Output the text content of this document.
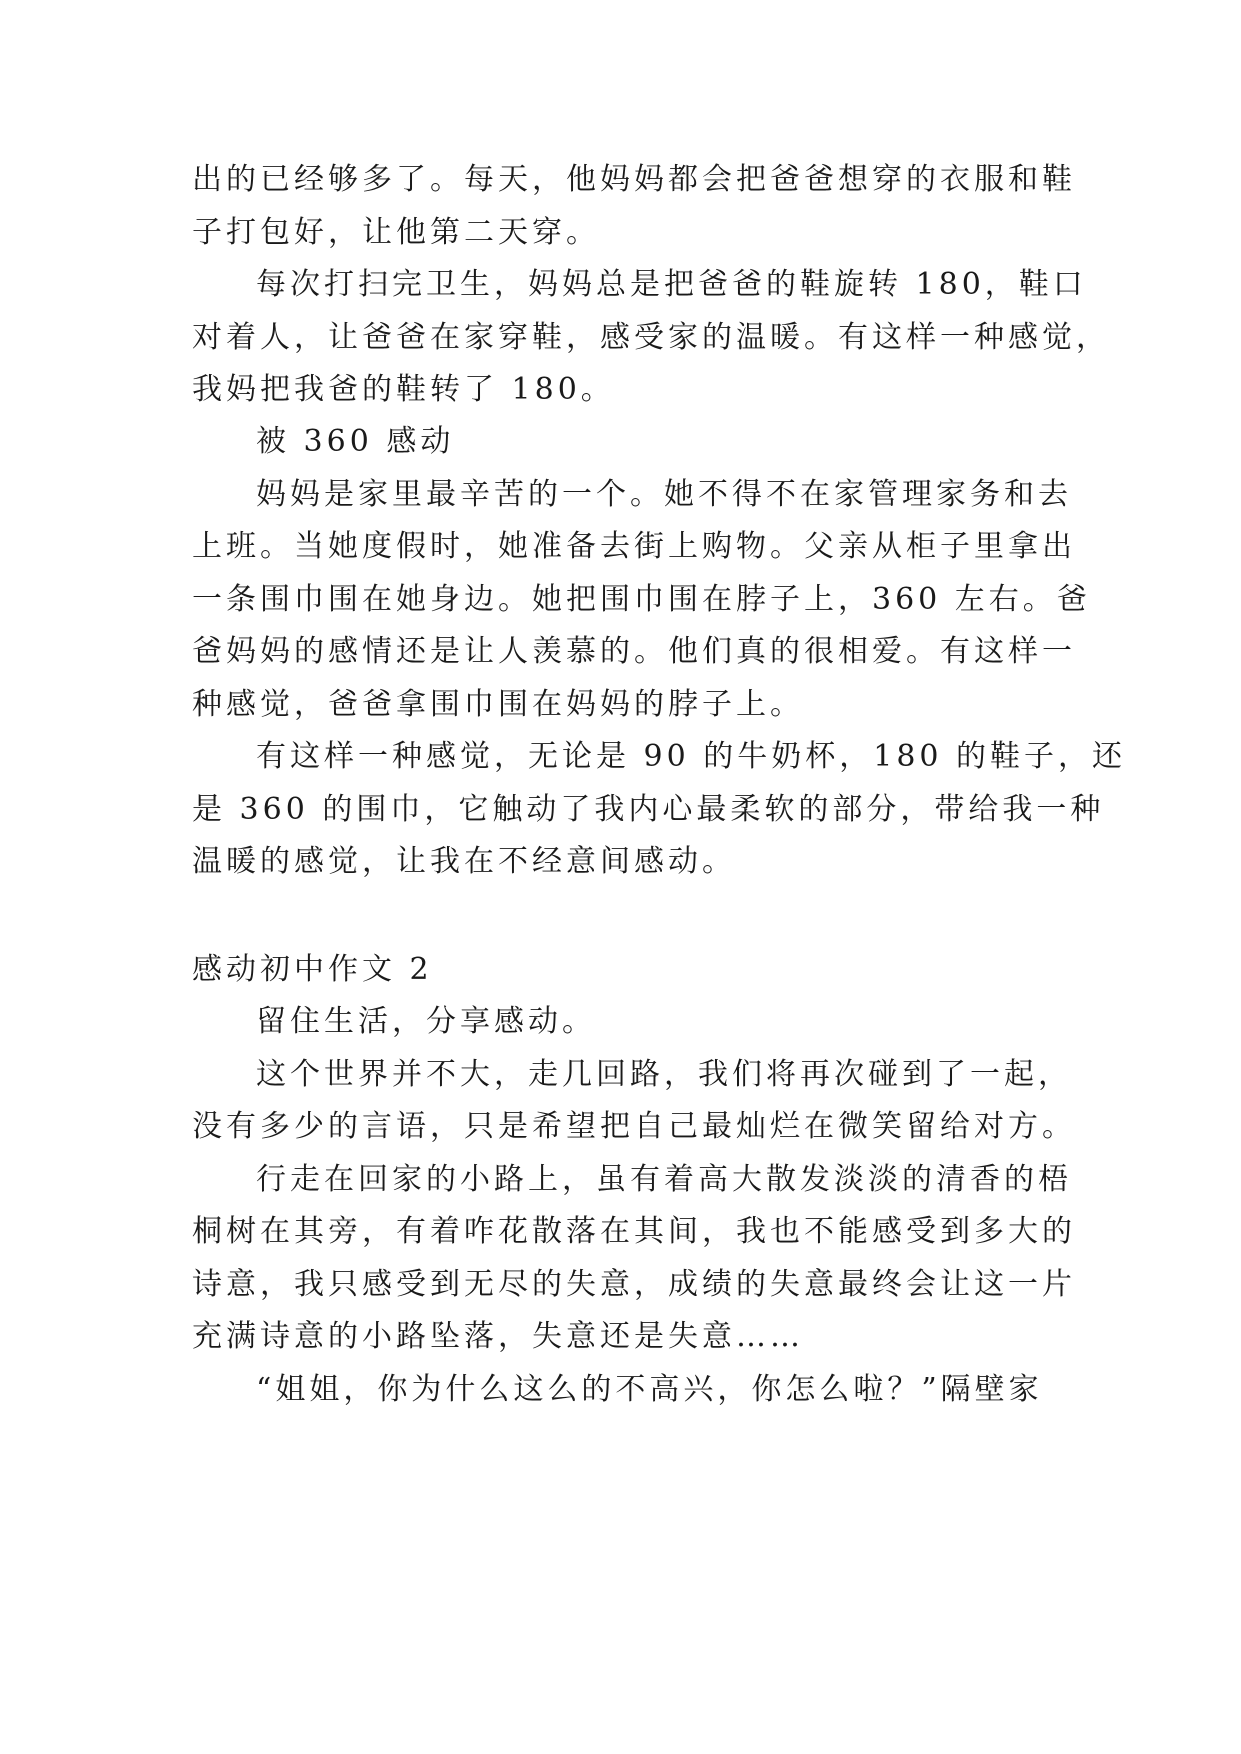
出的已经够多了。每天，他妈妈都会把爸爸想穿的衣服和鞋
子打包好，让他第二天穿。
每次打扫完卫生，妈妈总是把爸爸的鞋旋转 180，鞋口
对着人，让爸爸在家穿鞋，感受家的温暖。有这样一种感觉，
我妈把我爸的鞋转了 180。
被 360 感动
妈妈是家里最辛苦的一个。她不得不在家管理家务和去
上班。当她度假时，她准备去街上购物。父亲从柜子里拿出
一条围巾围在她身边。她把围巾围在脖子上，360 左右。爸
爸妈妈的感情还是让人羡慕的。他们真的很相爱。有这样一
种感觉，爸爸拿围巾围在妈妈的脖子上。
有这样一种感觉，无论是 90 的牛奶杯，180 的鞋子，还
是 360 的围巾，它触动了我内心最柔软的部分，带给我一种
温暖的感觉，让我在不经意间感动。
感动初中作文 2
留住生活，分享感动。
这个世界并不大，走几回路，我们将再次碰到了一起，
没有多少的言语，只是希望把自己最灿烂在微笑留给对方。
行走在回家的小路上，虽有着高大散发淡淡的清香的梧
桐树在其旁，有着咋花散落在其间，我也不能感受到多大的
诗意，我只感受到无尽的失意，成绩的失意最终会让这一片
充满诗意的小路坠落，失意还是失意……
“姐姐，你为什么这么的不高兴，你怎么啦？”隔壁家
